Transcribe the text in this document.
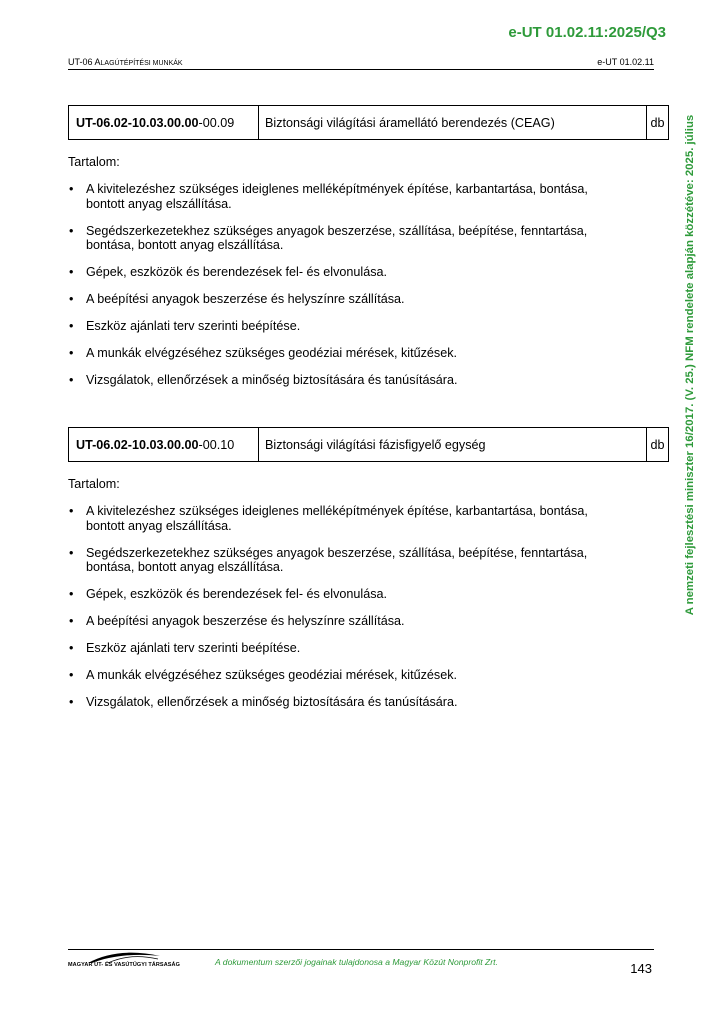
e-UT 01.02.11:2025/Q3
UT-06 ALAGÚTÉPÍTÉSI MUNKÁK	e-UT 01.02.11
A nemzeti fejlesztési miniszter 16/2017. (V. 25.) NFM rendelete alapján közzétéve: 2025. július
UT-06.02-10.03.00.00 -00.09	Biztonsági világítási áramellátó berendezés (CEAG)	db
Tartalom:
• A kivitelezéshez szükséges ideiglenes melléképítmények építése, karbantartása, bontása, bontott anyag elszállítása.
• Segédszerkezetekhez szükséges anyagok beszerzése, szállítása, beépítése, fenntartása, bontása, bontott anyag elszállítása.
• Gépek, eszközök és berendezések fel- és elvonulása.
• A beépítési anyagok beszerzése és helyszínre szállítása.
• Eszköz ajánlati terv szerinti beépítése.
• A munkák elvégzéséhez szükséges geodéziai mérések, kitűzések.
• Vizsgálatok, ellenőrzések a minőség biztosítására és tanúsítására.
UT-06.02-10.03.00.00 -00.10	Biztonsági világítási fázisfigyelő egység	db
Tartalom:
• A kivitelezéshez szükséges ideiglenes melléképítmények építése, karbantartása, bontása, bontott anyag elszállítása.
• Segédszerkezetekhez szükséges anyagok beszerzése, szállítása, beépítése, fenntartása, bontása, bontott anyag elszállítása.
• Gépek, eszközök és berendezések fel- és elvonulása.
• A beépítési anyagok beszerzése és helyszínre szállítása.
• Eszköz ajánlati terv szerinti beépítése.
• A munkák elvégzéséhez szükséges geodéziai mérések, kitűzések.
• Vizsgálatok, ellenőrzések a minőség biztosítására és tanúsítására.
MAGYAR ÚT- ÉS VASÚTÜGYI TÁRSASÁG	A dokumentum szerzői jogainak tulajdonosa a Magyar Közút Nonprofit Zrt.	143
